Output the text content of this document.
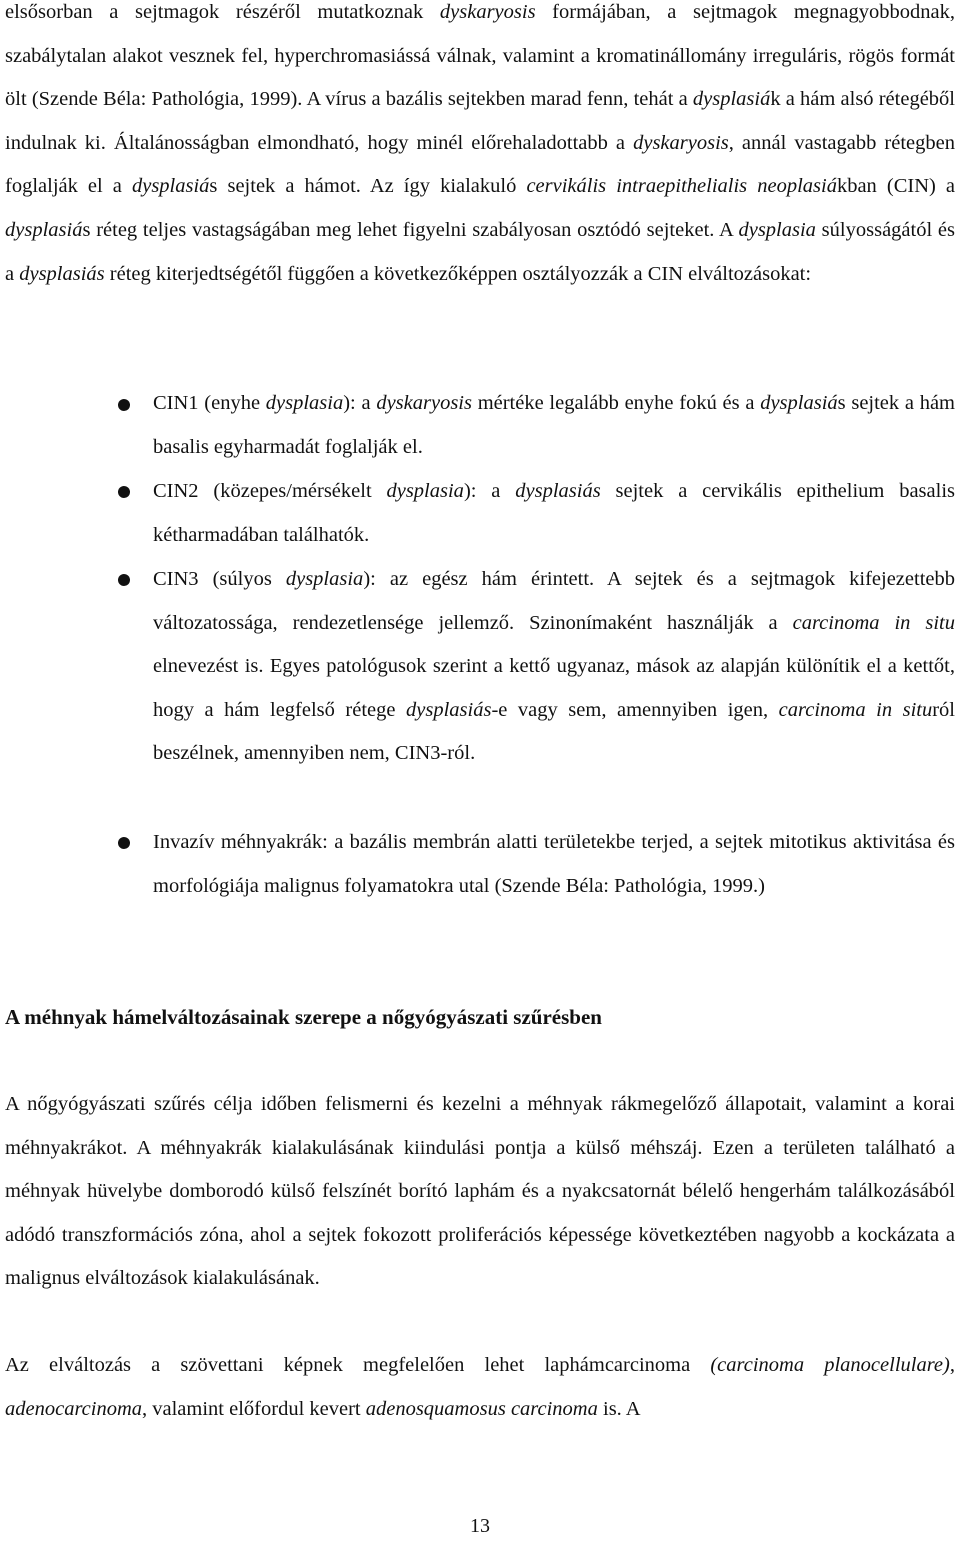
elsősorban a sejtmagok részéről mutatkoznak dyskaryosis formájában, a sejtmagok megnagyobbodnak, szabálytalan alakot vesznek fel, hyperchromasiássá válnak, valamint a kromatinállomány irreguláris, rögös formát ölt (Szende Béla: Pathológia, 1999). A vírus a bazális sejtekben marad fenn, tehát a dysplasiák a hám alsó rétegéből indulnak ki. Általánosságban elmondható, hogy minél előrehaladottabb a dyskaryosis, annál vastagabb rétegben foglalják el a dysplasiás sejtek a hámot. Az így kialakuló cervikális intraepithelialis neoplasiákban (CIN) a dysplasiás réteg teljes vastagságában meg lehet figyelni szabályosan osztódó sejteket. A dysplasia súlyosságától és a dysplasiás réteg kiterjedtségétől függően a következőképpen osztályozzák a CIN elváltozásokat:

CIN1 (enyhe dysplasia): a dyskaryosis mértéke legalább enyhe fokú és a dysplasiás sejtek a hám basalis egyharmadát foglalják el.

CIN2 (közepes/mérsékelt dysplasia): a dysplasiás sejtek a cervikális epithelium basalis kétharmadában találhatók.

CIN3 (súlyos dysplasia): az egész hám érintett. A sejtek és a sejtmagok kifejezettebb változatossága, rendezetlensége jellemző. Szinonímaként használják a carcinoma in situ elnevezést is. Egyes patológusok szerint a kettő ugyanaz, mások az alapján különítik el a kettőt, hogy a hám legfelső rétege dysplasiás-e vagy sem, amennyiben igen, carcinoma in situról beszélnek, amennyiben nem, CIN3-ról.

Invazív méhnyakrák: a bazális membrán alatti területekbe terjed, a sejtek mitotikus aktivitása és morfológiája malignus folyamatokra utal (Szende Béla: Pathológia, 1999.)

A méhnyak hámelváltozásainak szerepe a nőgyógyászati szűrésben

A nőgyógyászati szűrés célja időben felismerni és kezelni a méhnyak rákmegelőző állapotait, valamint a korai méhnyakrákot. A méhnyakrák kialakulásának kiindulási pontja a külső méhszáj. Ezen a területen található a méhnyak hüvelybe domborodó külső felszínét borító laphám és a nyakcsatornát bélelő hengerhám találkozásából adódó transzformációs zóna, ahol a sejtek fokozott proliferációs képessége következtében nagyobb a kockázata a malignus elváltozások kialakulásának.

Az elváltozás a szövettani képnek megfelelően lehet laphámcarcinoma (carcinoma planocellulare), adenocarcinoma, valamint előfordul kevert adenosquamosus carcinoma is. A

13
